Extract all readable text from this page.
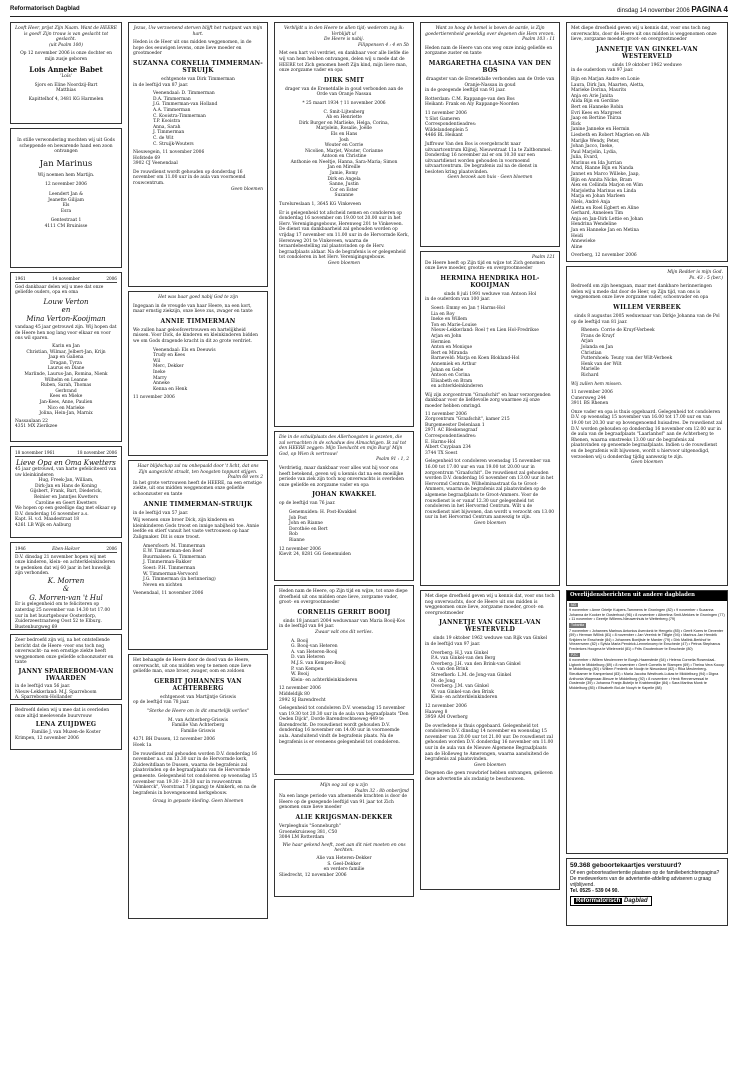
Reformatorisch Dagblad	dinsdag 14 november 2006 PAGINA 4
Looft Heer, prijst Zijn Naam. Want de HEERE is goed! Zijn trouw is van geslacht tot geslacht.
(uit Psalm 100)
Op 12 november 2006 is onze dochter en mijn zusje geboren
Lois Anneke Babet
'Loïs'
Sjors en Eline Noordzij-Bart
Matthias
Kapittelhof 4, 3481 KG Harmelen
In stille verwondering mochten wij uit Gods scheppende en bewarende hand een zoon ontvangen
Jan Marinus
Wij noemen hem Martijn.
12 november 2006
Leendert Jan &
Jeanette Gilijam
Els
Esra
Gentestraat 1
4111 CM Bruinisse
1961	14 november	2006
God dankbaar delen wij u mee dat onze geliefde ouders, opa en oma
Louw Verton
en
Mina Verton-Kooijman
vandaag 45 jaar getrouwd zijn. Wij hopen dat de Heere hen nog lang voor elkaar en voor ons wil sparen.
Karin en Jan
Christian, Wilmar, Jelbert-Jan, Krijn
Jaap en Galiena
Dragan, Tyrza
Laurus en Diane
Marlinde, Laurus-Jan, Romina, Nienk
Wilhelm en Leanne
Ruben, Sarah, Thomas
Gerbrand
Kees en Mieke
Jan-Kees, Anne, Paulien
Nico en Marieke
Jolina, Hein-Jan, Marnix
Nassaulaan 22
4351 MX Zierikzee
18 november 1961	18 november 2006
Lieve Opa en Oma Kwetters
45 jaar getrouwd, van harte gefeliciteerd van uw kleinkinderen
Hug, Freek-Jan, William,
Dirk-Jan en Hans de Koning
Gijsbert, Frank, Bart, Diederick,
Reinier en Janntjes Kwetters
Caroline en Geert Kwetters
We hopen op een gezellige dag met elkaar op D.V. donderdag 16 november a.s.
Kapt. H. v.d. Maadestraat 18
4261 LB Wijk en Aalburg
1946	Eben-Haëzer	2006
D.V. dinsdag 21 november hopen wij met onze kinderen, klein- en achterkleinkinderen te gedenken dat wij 60 jaar in het huwelijk zijn verbonden.
K. Morren
&
G. Morren-van 't Hul
Er is gelegenheid om te feliciteren op zaterdag 25 november van 14.30 tot 17.00 uur in het buurtgebouw Oosterdorp, Zuiderzeestraatweg Oost 52 te Elburg.
Bustenburgweg 69
Zeer bedroefd zijn wij, na het ontstellende bericht dat de Heere -voor ons toch nog onverwacht- na een ernstige ziekte heeft weggenomen onze geliefde schoonzuster en tante
JANNY SPARREBOOM-VAN IWAARDEN
in de leeftijd van 56 jaar.
Nieuw-Lekkerland: M.J. Sparreboom
A. Sparreboom-Hollander
Bedroefd delen wij u mee dat is overleden onze altijd meelevende buurvrouw
LENA ZUIJDWEG
Familie J. van Muzen-de Koster
Krimpen, 12 november 2006
Jezus, Uw verzoenend sterven blijft het rustpunt van mijn hart.
Heden is de Heer uit ons midden weggenomen, in de hope des eeuwigen levens, onze lieve moeder en grootmoeder
SUZANNA CORNELIA TIMMERMAN-STRUIJK
echtgenote van Dirk Timmerman
in de leeftijd van 87 jaar.
Veenendaal: D. Timmerman
D.A. Timmerman
J.G. Timmerman-van Holland
A.A. Timmerman
C. Kooistra-Timmerman
T.P. Kooistra
Anna, Sarah
J. Timmerman
C. de Wit
C. Struijk-Wouters
Nieuwegein, 11 november 2006
Hofstede 69
3902 CJ Veenendaal
De rouwdienst wordt gehouden op donderdag 16 november om 11.00 uur in de aula van voornoemd rouwcentrum.
Geen bloemen
Het was baar goed nabij God te zijn
Ingegaan in de vreugde van haar Heere, na een kort, maar ernstig ziekzijn, onze lieve zus, zwager en tante
ANNIE TIMMERMAN
We zullen haar geloofsvertrouwen en hartelijkheid missen. Voor Dick, de kinderen en kleinkinderen bidden we om Gods dragende kracht in dit zo grote verdriet.
Veenendaal: Els en Deeuwis
Trudy en Kees
Wil
Merc, Dekker
Ineke
Marry
Anneke
Kenna en Henk
11 november 2006
Haar blijdschap zal nu onbepaald door 't licht, dat ons Zijn aangezicht straalt, ten hoogsten toppunt stijgen.
Psalm 68 vers 2
In het grote vertrouwen heeft de HEERE, na een ernstige ziekte, uit ons midden weggenomen onze geliefde schoonzuster en tante
ANNIE TIMMERMAN-STRUIJK
in de leeftijd van 57 jaar.
Wij wensen onze broer Dick, zijn kinderen en kleinkinderen Gods troost en innige nabijheid toe. Annie leefde en stierf vanuit het vaste vertrouwen op haar Zaligmaker. Dit is onze troost.
Amersfoort: M. Timmerman
E.W. Timmerman-den Boef
Buurmalsen: G. Timmerman
J. Timmerman-Bakker
Soest: P.H. Timmerman
W. Timmerman-Vervoord
J.G. Timmerman (in herinnering)
Neven en nichten
Veenendaal, 11 november 2006
Het behaagde de Heere door de dood van de Heere, onverwacht, uit ons midden weg te nemen onze lieve geliefde man, onze broer, zwager, oom en zoldoen
GERBIT JOHANNES VAN ACHTERBERG
echtgenoot van Martijntje Griswis
op de leeftijd van 78 jaar.
"Sterke de Heere om in dit smartelijk verlies"
M. van Achterberg-Griswis
Familie Van Achterberg
Familie Griswis
4271 BH Dussen, 12 november 2006
Hoek 1a
De rouwdienst zal gehouden worden D.V. donderdag 16 november a.s. om 13.30 uur in de Hervormde kerk, Zuidewitdlaan te Dussen, waarna de begrafenis zal plaatsvinden op de begraafplaats van de Hervormde gemeente. Gelegenheid tot condoleren op woensdag 15 november van 19.30 - 20.30 uur in rouwcentrum "Almkerck", Voorstraat 7 (ingang) te Almkerk, en na de begrafenis in bovengenoemd kerkgebouw.
Graag in gepaste kleding. Geen bloemen
Verblijdt u in den Heere te allen tijd; wederom zeg ik: Verblijdt u!
De Heere is nabij.
Filippensen 4 : 4 en 5b
Met een hart vol verdriet, en dankbaar voor alle liefde die wij van hem hebben ontvangen, delen wij u mede dat de HEERE tot Zich genomen heeft Zijn kind, mijn lieve man, onze zorgzame vader en opa
DIRK SMIT
drager van de Erenetdalle in goud verbonden aan de Orde van Oranje Nassau
* 25 maart 1934 † 11 november 2006
C. Smit-Lijtenberg
Ab en Henriette
Dirk Burger en Marlieke, Helga, Corina,
Marjolein, Rosalie, Joëlle
Els en Hans
Josh
Wouter en Corrie
Nicolien, Marjet, Wouter, Corianne
Antoon en Christine
Anthonie en Neeltje, Hanna, Sara-Maria; Simon
Jan en Mireille
Jamie, Romy
Dirk en Angela
Sanne, Justin
Cor en Ester
Suzanne
Turelureslaan 1, 3645 KG Vinkeveen
Er is gelegenheid tot afscheid nemen en condoleren op donderdag 16 november om 19.00 tot 20.00 uur in het Herv. Verenigingsgebouw, Herenweg 201 te Vinkeveen. De dienst van dankbaarheid zal gehouden worden op vrijdag 17 november om 11.00 uur in de Hervormde Kerk, Herenweg 201 te Vinkeveen, waarna de teraardebestelling zal plaatsvinden op de Herv. begraafplaats aldaar. Na de begrafenis is er gelegenheid tot condoleren in het Herv. Verenigingsgebouw.
Geen bloemen
Die in de schuilplaats des Allerhoogsten is gezeten, die zal vernachten in de schaduw des Almachtigen. Ik zal tot den HEERE zeggen: Mijn Toevlucht en mijn Burg! Mijn God, op Wien ik vertrouw!
Psalm 91 : 1, 2
Verdrietig, maar dankbaar voor alles wat hij voor ons heeft betekend, geven wij u kennis dat na een moeilijke periode van ziek zijn toch nog onverwachts is overleden onze geliefde en zorgzame vader en opa
JOHAN KWAKKEL
op de leeftijd van 76 jaar.
Genemuiden: H. Post-Kwakkel
Job Post
John en Rianne
Dorothée en Bert
Rob
Rianne
12 november 2006
Kievit 24, 8281 GG Genemuiden
Heden nam de Heere, op Zijn tijd en wijze, tot onze diepe droefheid uit ons midden onze lieve, zorgzame vader, groot- en overgrootmoeder
CORNELIS GERRIT BOOIJ
sinds 18 januari 2004 weduwnaar van Maria Booij-Kos
in de leeftijd van 84 jaar.
Zwaar valt ons dit verlies.
A. Booij
G. Booij-van Heteren
A. van Heteren-Booij
D. van Heteren
M.J.S. van Kempen-Booij
P. van Kempen
W. Booij
Klein- en achterkleinkinderen
12 november 2006
Middeldijk 80
2992 SJ Barendrecht
Gelegenheid tot condoleren D.V. woensdag 15 november van 19.30 tot 20.30 uur in de aula van begraafplaats "Den Oeden Dijck", Dorde Barendrechtseweg 449 te Barendrecht. De rouwdienst wordt gehouden D.V. donderdag 16 november om 14.00 uur in voornoemde aula. Aansluitend vindt de begrafenis plaats. Na de begrafenis is er eveneens gelegenheid tot condoleren.
Mijn oog zal op u zijn
Psalm 32 : 8b onberijmd
Na een lange periode van afnemende krachten is door de Heere op de gezegende leeftijd van 91 jaar tot Zich genomen onze lieve moeder
ALIE KRIJGSMAN-DEKKER
Verpleeghuis "Sonneburgh"
Groenekruisweg 381, C50
3084 LM Rotterdam
Wie haar gekend heeft, zoet aan dit niet moeten en ons hechten.
Alie van Heteren-Dekker
S. Geel-Dekker
en verdere familie
Sliedrecht, 12 november 2006
Want zo hoog de hemel is boven de aarde, is Zijn goedertierenheid geweldig over degenen die Hem vrezen.
Psalm 103 : 11
Heden nam de Heere van ons weg onze innig geliefde en zorgzame zuster en tante
MARGARETHA CLASINA VAN DEN BOS
draagster van de Erenetdalle verbonden aan de Orde van Oranje-Nassau in goud
in de gezegende leeftijd van 91 jaar.
Rotterdam: C.M. Rappange-van den Bos
Heikant: Frank en Aly Rappange-Noorden
11 november 2006
't Slot Gameren
Correspondentieadres:
Wildelandenplein 5
4466 BL Heikant
Juffrouw Van den Bos is overgebracht naar uitvaartcentrum Klijnsj, Nieuwstraat 11a te Zaltbommel. Donderdag 16 november zal er om 10.30 uur een uitvaartdienst worden gehouden in voornoemd uitvaartcentrum. De begrafenis zal na de dienst in besloten kring plaatsvinden.
Geen bezoek aan huis - Geen bloemen
Psalm 121
De Heere heeft op Zijn tijd en wijze tot Zich genomen onze lieve moeder, grootm- en overgrootmoeder
HERMINA HENDRIKA HOL-KOOIJMAN
sinds 8 juli 1991 weduwe van Antoon Hol
in de ouderdom van 100 jaar.
Soest: Emmy en Jan † Harms-Hol
Lia en Roy
Ineke en Willem
Ton en Marie-Louise
Nieuw-Lekkerland: Roel † en Lien Hol-Fredrikse
Arjan en John
Hermien
Anton en Monique
Bert en Miranda
Barneveld: Marja en Koen Blokland-Hol
Annemiek en Arthur
Johan en Gebe
Antoon en Corina
Elisabeth en Bram
en achterkleinkinderen
Wij zijn zorgcentrum "Graafschit" en haar verzorgenden dankbaar voor de liefdevolle zorg waarmee zij onze moeder hebben omringd.
11 november 2006
Zorgcentrum "Graafschit", kamer 215
Burgemeester Delenlaan 1
2971 AC Bleskensgraaf
Correspondentieadres:
E. Harms-Hol
Albert Cuyplaan 234
3744 TX Soest
Gelegenheid tot condoleren woensdag 15 november van 16.00 tot 17.00 uur en van 19.00 tot 20.00 uur in zorgcentrum "Graafschit". De rouwdienst zal gehouden worden D.V. donderdag 16 november om 13.00 uur in het Hervormd Centrum, Wilhelminastraat 6a te Groot-Ammers, waarna de begrafenis zal plaatsvinden op de algemene begraafplaats te Groot-Ammers. Voor de rouwdienst is er vanaf 12.30 uur gelegenheid tot condoleren in het Hervormd Centrum. Wilt u de rouwdienst niet bijwonen, dan wordt u verzocht om 13.00 uur in het Hervormd Centrum aanwezig te zijn.
Geen bloemen
Met diepe droefheid geven wij u kennis dat, voor ons toch nog onverwachts, door de Heere uit ons midden is weggenomen onze lieve, zorgzame moeder, groot- en overgrootmoeder
JANNETJE VAN GINKEL-VAN WESTERVELD
sinds 19 oktober 1962 weduwe van Rijk van Ginkel
in de leeftijd van 97 jaar.
Overberg: H.J. van Ginkel
P.A. van Ginkel-van den Berg
Overberg: J.H. van den Brink-van Ginkel
A. van den Brink
Streefkerk: L.M. de Jong-van Ginkel
M. de Jong
Overberg: J.M. van Ginkel
W. van Ginkel-van den Brink
Klein- en achterkleinkinderen
12 november 2006
Haaweg 8
3959 AM Overberg
De overledene is thuis opgebaard. Gelegenheid tot condoleren D.V. dinsdag 14 november en woensdag 15 november van 20.00 uur tot 21.00 uur. De rouwdienst zal gehouden worden D.V. donderdag 16 november om 11.00 uur in de aula van de Nieuwe Algemene Begraafplaats aan de Holleweg te Amerongen, waarna aansluitend de begrafenis zal plaatsvinden.
Geen bloemen
Degenen die geen rouwbrief hebben ontvangen, gelieven deze advertentie als zodanig te beschouwen.
Met diepe droefheid geven wij u kennis dat, voor ons toch nog onverwachts, door de Heere uit ons midden is weggenomen onze lieve, zorgzame moeder, groot- en overgrootmoeder
JANNETJE VAN GINKEL-VAN WESTERVELD
sinds 19 oktober 1962 weduwe
in de ouderdom van 97 jaar.
Bijn en Marjan Andre en Lonie
Laura, Dirk Jan, Maarten, Aletta,
Marieke Dorina, Maurits
Anja en Arie Janita
Alida Bijn en Gerdine
Bert en Hanneke Robin
Evri Kees en Margreet
Jaap en Bertine Thirza
Rick
Janine Janneke en Hermin
Liesbeth en Robert Magrien en Alb
Marijke Wendy, Peter,
Johan Jacco, Ineke,
Paul Marjolin, Lydia,
Julia, Evard,
Marinus en Ida Jurrian
Arnd, Rianne Bijn en Nanda
Jannet en Marco Willeke, Jaap,
Bijn en Annita Nicke, Bram
Alex en Cellinda Marjon en Wim
Marjoletha Marinus en Linda
Marja en Johan Marleen
Niels, André Anja
Aletta en Roel Egbert en Aline
Gerhard, Anneleen Tim
Anja en Jan-Dirk Lettie en Johan
Hendrina Wendeline
Jan en Hanneke Jan en Metina
Heidi
Annewieke
Aline
Overberg, 12 november 2006
Mijn Redder is mijn God.
Ps. 43 : 5 (ber.)
Bedroefd om zijn heengaan, maar met dankbare herinneringen delen wij u mede dat door de Heer, op Zijn tijd, van ons is weggenomen onze lieve zorgzame vader, schoonvader en opa
WILLEM VERBEEK
sinds 8 augustus 2005 weduwnaar van Dirkje Johanna van de Pol
op de leeftijd van 81 jaar.
Rhenen: Corrie de Kruyf-Verbeek
Frans de Kruyf
Arjan
Jolanda en Jan
Christian
Puttershoek: Teuny van der Wilt-Verbeek
Henk van der Wilt
Marielle
Richard
Wij zullen hem missen.
11 november 2006
Cunersweg 244
3911 BS Rhenen
Onze vader en opa is thuis opgebaard. Gelegenheid tot condoleren D.V. op woensdag 15 november van 16.00 tot 17.00 uur en van 19.00 tot 20.30 uur op bovengenoemd huisadres. De rouwdienst zal D.V. worden gehouden op donderdag 16 november om 12.00 uur in de aula van de begraafplaats "Laarlanhof" aan de Achterberg te Rhenen, waarna omstreeks 13.00 uur de begrafenis zal plaatsvinden op genoemde begraafplaats. Indien u de rouwdienst en de begrafenis wilt bijwonen, wordt u hiervoor uitgenodigd, verzoeken wij u donderdag tijdig aanwezig te zijn.
Geen bloemen
Overlijdensberichten uit andere dagbladen
ND
9 november • Anne Grietje Kuipers-Tammens te Groningen (82) • 9 november • Suzanna Johanna de Kooker te Oosterhout (96) • 8 november • Albertina Smit-Mekkes te Groningen (77) • 11 november • Geertje Willems-Nieuwenhuis te Wetterberg (79)
Tubantia
7 november • Johannes Marinus Antonius Averdonk te Hengelo (85) • Gerrit Koers te Deventer (59) • Herman Willink (81) • 8 november • Jan Veerink te Tilligte (94) • Marinus Jan Hendrik Snijders te Enschede (84) • Johannes Bonijtsle te Marder (79) • Dirk Mallink-Berkhof te Vriezenveen (82) • Sylvia Maria Pendrick-Lenneknoerp te Enschede (47) • Petrus Stephanus Frederices Hoogma te Wielerveld (81) • Frits Grootenboer te Enschede (80)
PZC
6 november • Willem Meulenveer te Burgh-Haamstede (64) • Helena Cornelia Rosendaal-Ligtonh te Middelburg (89) • 8 november • Gerrit Cornelis te Stampen (69) • Theina Vera Kooop te Middelburg (80) • Willem Frederik de Nooijn te Nieuwland (82) • Rika Meulenberg-Steutkamer te Kamperland (83) • Maria Jacoba Westhoek-Lukas te Middelburg (94) • Digna Anthonia Wagenaar-Bieuze te Middelburg (92) • 8 november • Henk Rennenvessal te Oostende (39) • Johanna Franje-Buteijn te Krabbendijke (84) • Sara Martina Monk te Middelburg (85) • Elisabeth Bol-de Nooyh te Kapelle (88)
59.368 geboortekaartjes verstuurd?
Of een geboorteadvertentie plaatsen op de familieberichtenpagina? De medewerkers van de advertentie-afdeling adviseren u graag vrijblijvend.
Tel. 0525 - 539 04 90.
Reformatorisch Dagblad
